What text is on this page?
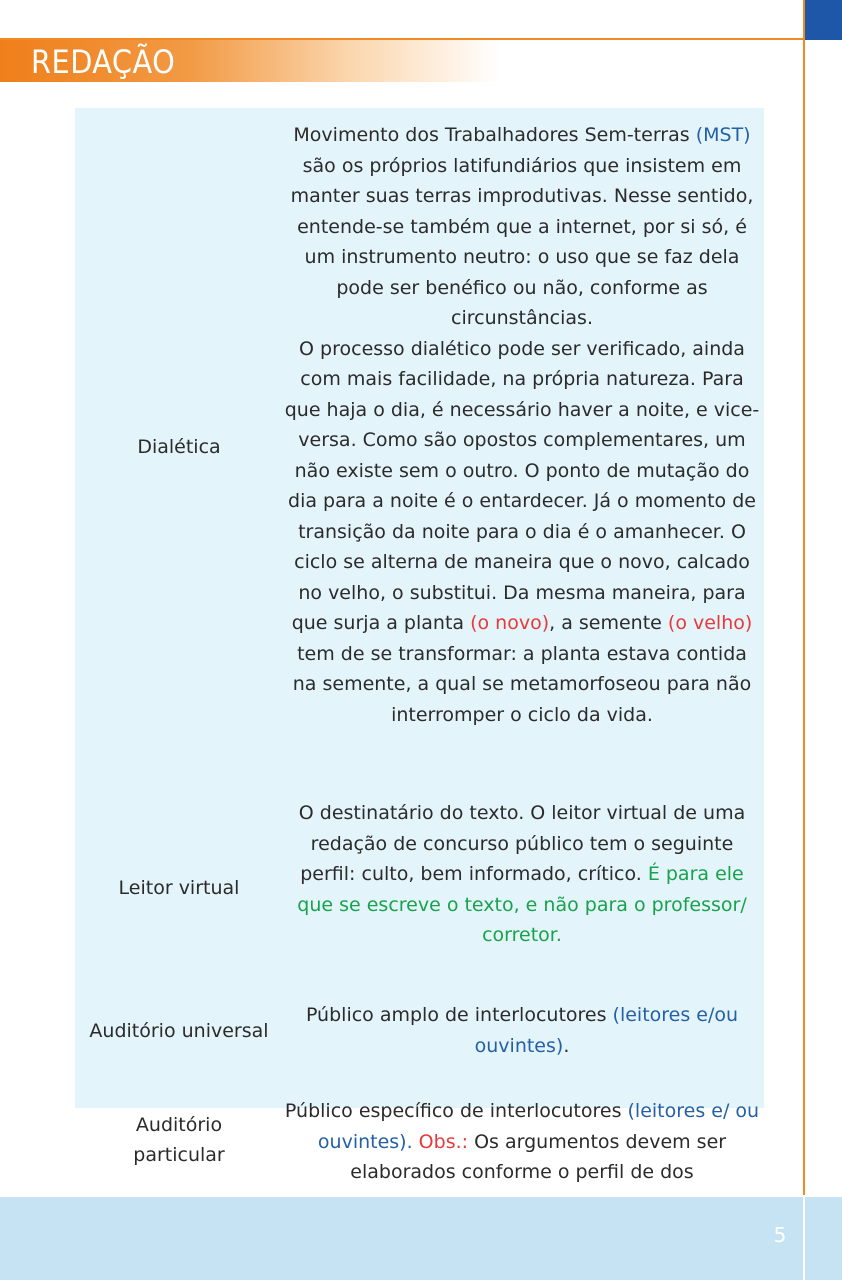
REDAÇÃO
Dialética

Movimento dos Trabalhadores Sem-terras (MST) são os próprios latifundiários que insistem em manter suas terras improdutivas. Nesse sentido, entende-se também que a internet, por si só, é um instrumento neutro: o uso que se faz dela pode ser benéfico ou não, conforme as circunstâncias.

O processo dialético pode ser verificado, ainda com mais facilidade, na própria natureza. Para que haja o dia, é necessário haver a noite, e vice-versa. Como são opostos complementares, um não existe sem o outro. O ponto de mutação do dia para a noite é o entardecer. Já o momento de transição da noite para o dia é o amanhecer. O ciclo se alterna de maneira que o novo, calcado no velho, o substitui. Da mesma maneira, para que surja a planta (o novo), a semente (o velho) tem de se transformar: a planta estava contida na semente, a qual se metamorfoseou para não interromper o ciclo da vida.

Leitor virtual

O destinatário do texto. O leitor virtual de uma redação de concurso público tem o seguinte perfil: culto, bem informado, crítico. É para ele que se escreve o texto, e não para o professor/ corretor.

Auditório universal

Público amplo de interlocutores (leitores e/ou ouvintes).

Auditório particular

Público específico de interlocutores (leitores e/ ou ouvintes). Obs.: Os argumentos devem ser elaborados conforme o perfil de dos

5
